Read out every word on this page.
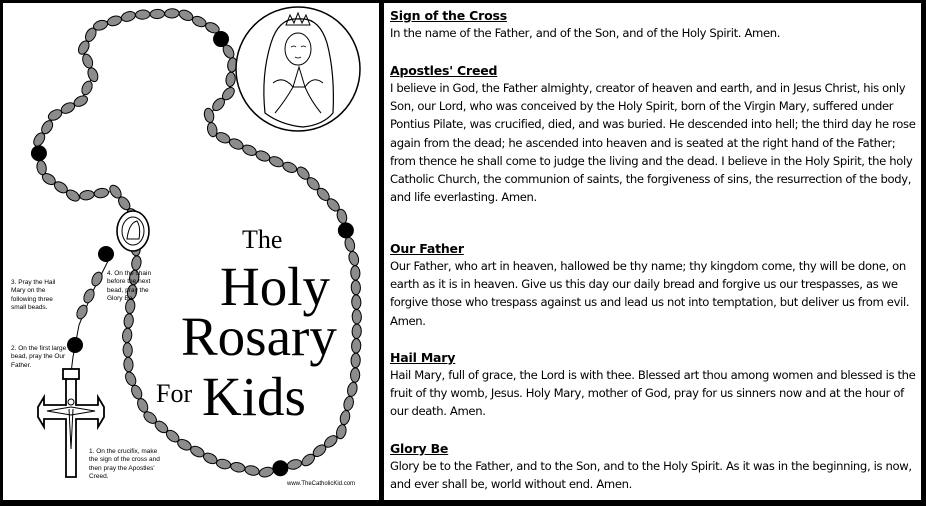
The
Holy
Rosary
For Kids
3. Pray the Hail Mary on the following three small beads.
4. On the chain before the next bead, pray the Glory Be.
2. On the first large bead, pray the Our Father.
1. On the crucifix, make the sign of the cross and then pray the Apostles' Creed.
www.TheCatholicKid.com
Sign of the Cross

In the name of the Father, and of the Son, and of the Holy Spirit. Amen.

Apostles' Creed

I believe in God, the Father almighty, creator of heaven and earth, and in Jesus Christ, his only Son, our Lord, who was conceived by the Holy Spirit, born of the Virgin Mary, suffered under Pontius Pilate, was crucified, died, and was buried. He descended into hell; the third day he rose again from the dead; he ascended into heaven and is seated at the right hand of the Father; from thence he shall come to judge the living and the dead. I believe in the Holy Spirit, the holy Catholic Church, the communion of saints, the forgiveness of sins, the resurrection of the body, and life everlasting. Amen.

Our Father

Our Father, who art in heaven, hallowed be thy name; thy kingdom come, thy will be done, on earth as it is in heaven. Give us this day our daily bread and forgive us our trespasses, as we forgive those who trespass against us and lead us not into temptation, but deliver us from evil. Amen.

Hail Mary

Hail Mary, full of grace, the Lord is with thee. Blessed art thou among women and blessed is the fruit of thy womb, Jesus. Holy Mary, mother of God, pray for us sinners now and at the hour of our death. Amen.

Glory Be

Glory be to the Father, and to the Son, and to the Holy Spirit. As it was in the beginning, is now, and ever shall be, world without end. Amen.
